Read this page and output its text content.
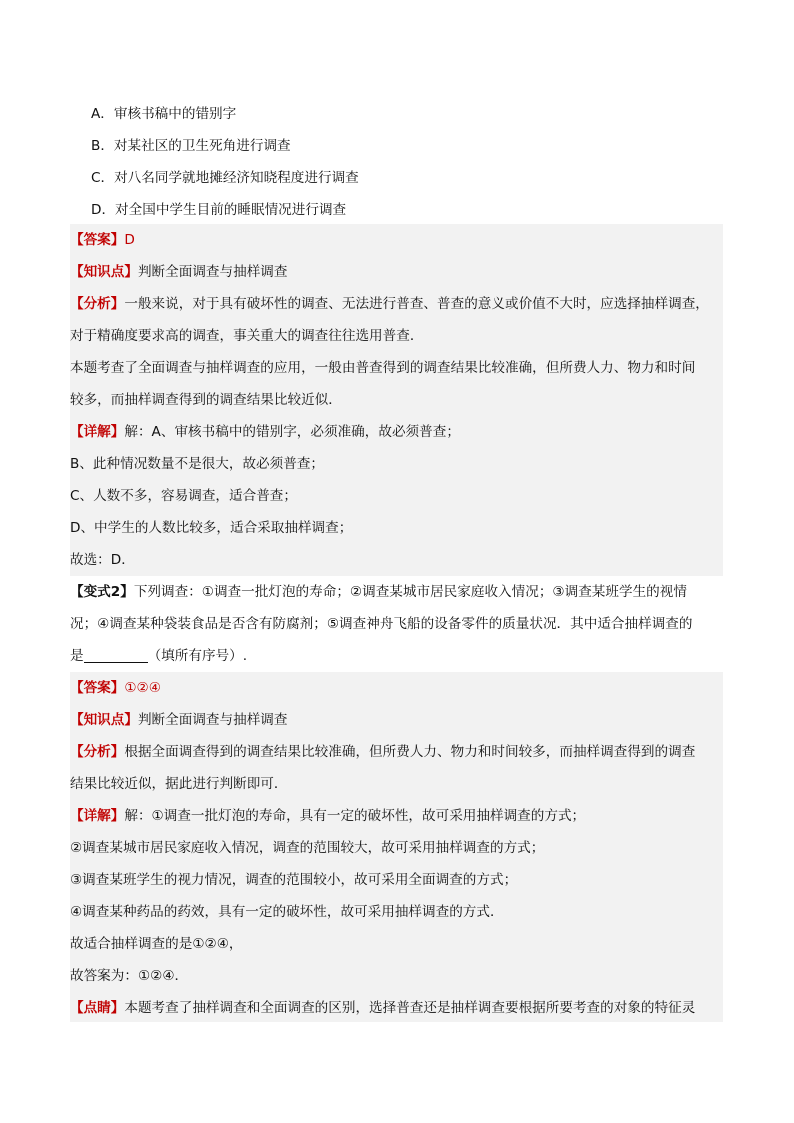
A．审核书稿中的错别字
B．对某社区的卫生死角进行调查
C．对八名同学就地摊经济知晓程度进行调查
D．对全国中学生目前的睡眠情况进行调查
【答案】D
【知识点】判断全面调查与抽样调查
【分析】一般来说，对于具有破坏性的调查、无法进行普查、普查的意义或价值不大时，应选择抽样调查，
对于精确度要求高的调查，事关重大的调查往往选用普查．
本题考查了全面调查与抽样调查的应用，一般由普查得到的调查结果比较准确，但所费人力、物力和时间
较多，而抽样调查得到的调查结果比较近似．
【详解】解：A、审核书稿中的错别字，必须准确，故必须普查；
B、此种情况数量不是很大，故必须普查；
C、人数不多，容易调查，适合普查；
D、中学生的人数比较多，适合采取抽样调查；
故选：D．
【变式2】下列调查：①调查一批灯泡的寿命；②调查某城市居民家庭收入情况；③调查某班学生的视情
况；④调查某种袋装食品是否含有防腐剂；⑤调查神舟飞船的设备零件的质量状况．其中适合抽样调查的
是	（填所有序号）.
【答案】①②④
【知识点】判断全面调查与抽样调查
【分析】根据全面调查得到的调查结果比较准确，但所费人力、物力和时间较多，而抽样调查得到的调查
结果比较近似，据此进行判断即可．
【详解】解：①调查一批灯泡的寿命，具有一定的破坏性，故可采用抽样调查的方式；
②调查某城市居民家庭收入情况，调查的范围较大，故可采用抽样调查的方式；
③调查某班学生的视力情况，调查的范围较小，故可采用全面调查的方式；
④调查某种药品的药效，具有一定的破坏性，故可采用抽样调查的方式．
故适合抽样调查的是①②④，
故答案为：①②④．
【点睛】本题考查了抽样调查和全面调查的区别，选择普查还是抽样调查要根据所要考查的对象的特征灵
